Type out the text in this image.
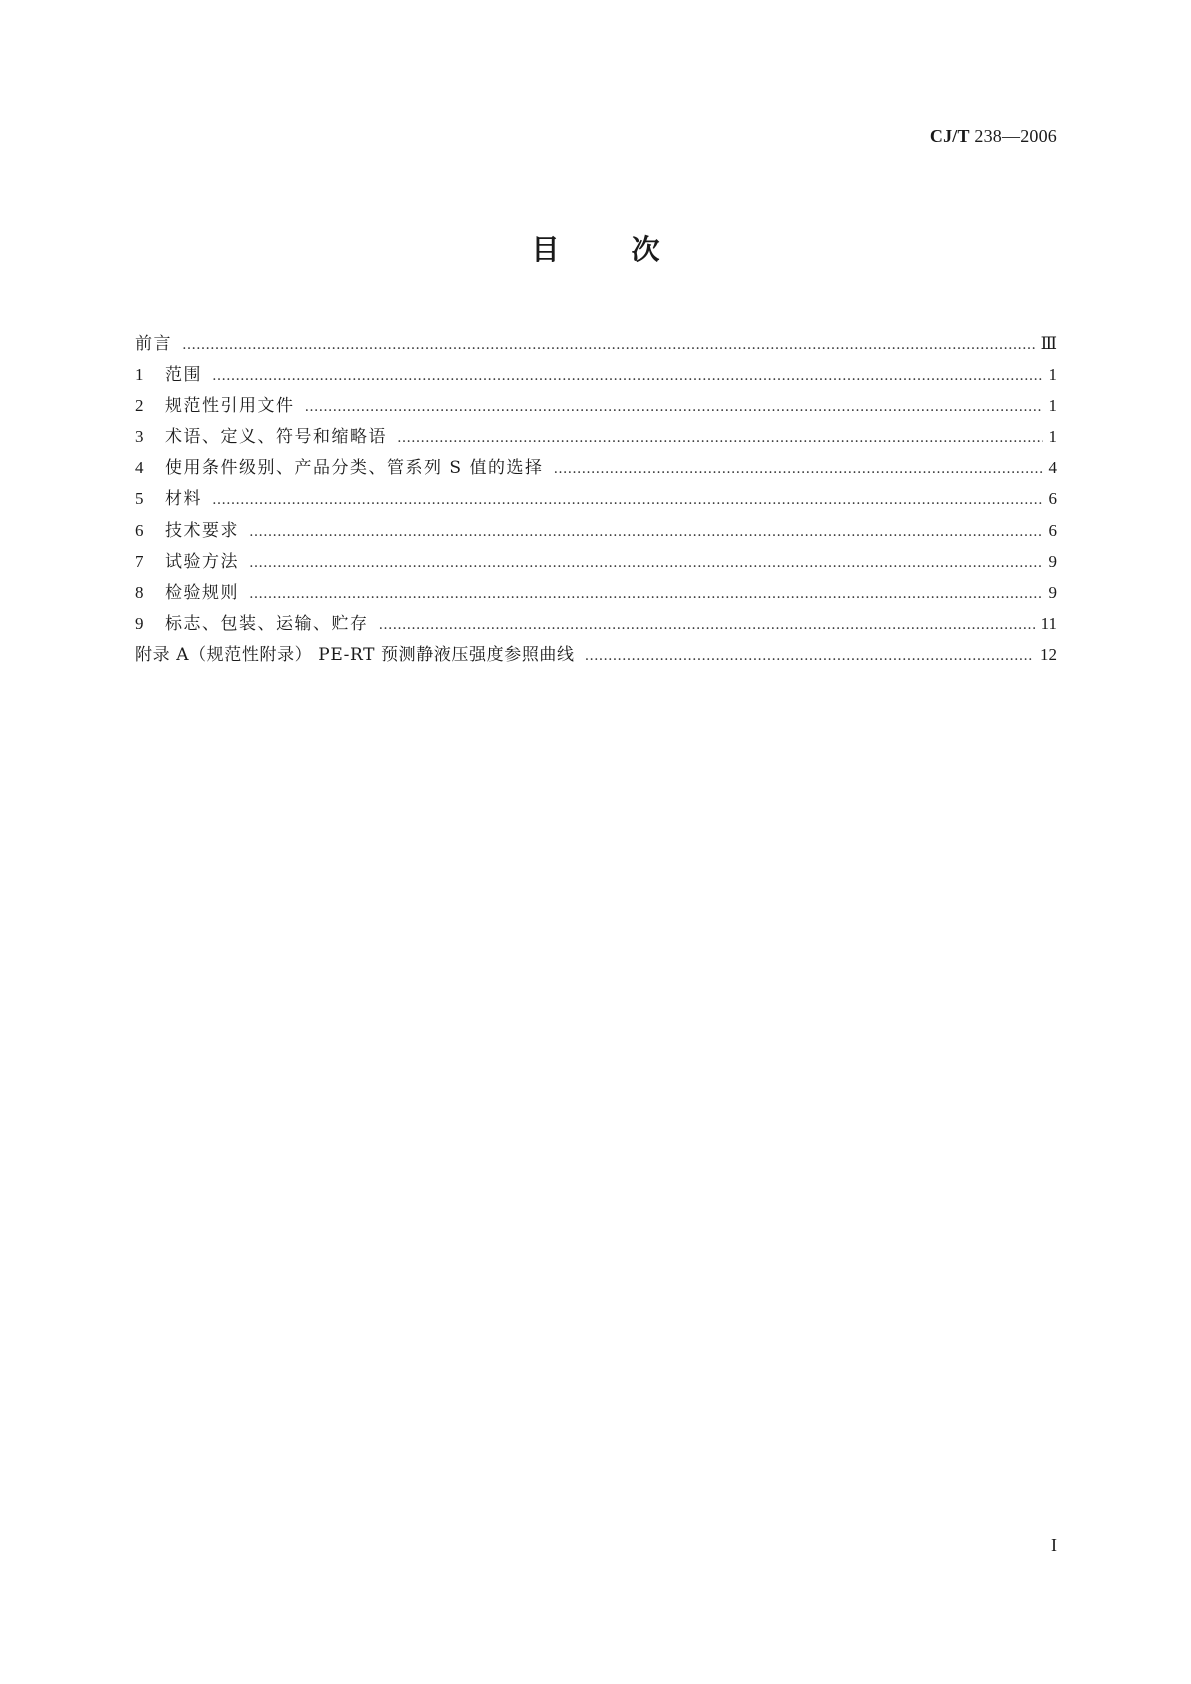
CJ/T 238—2006
目次
前言 ……………………………………………………………………………………………………………………………………………………………………………………………………………………	Ⅲ
1	范围 ……………………………………………………………………………………………………………………………………………………………………………………………………………………	1
2	规范性引用文件 ……………………………………………………………………………………………………………………………………………………………………………………………………………………	1
3	术语、定义、符号和缩略语 ……………………………………………………………………………………………………………………………………………………………………………………………………………………	1
4	使用条件级别、产品分类、管系列 S 值的选择 ……………………………………………………………………………………………………………………………………………………………………………………………………………………	4
5	材料 ……………………………………………………………………………………………………………………………………………………………………………………………………………………	6
6	技术要求 ……………………………………………………………………………………………………………………………………………………………………………………………………………………	6
7	试验方法 ……………………………………………………………………………………………………………………………………………………………………………………………………………………	9
8	检验规则 ……………………………………………………………………………………………………………………………………………………………………………………………………………………	9
9	标志、包装、运输、贮存 ……………………………………………………………………………………………………………………………………………………………………………………………………………………	11
附录 A（规范性附录） PE-RT 预测静液压强度参照曲线 ……………………………………………………………………………………………………………………………………………………………………………………………………………………	12
I
